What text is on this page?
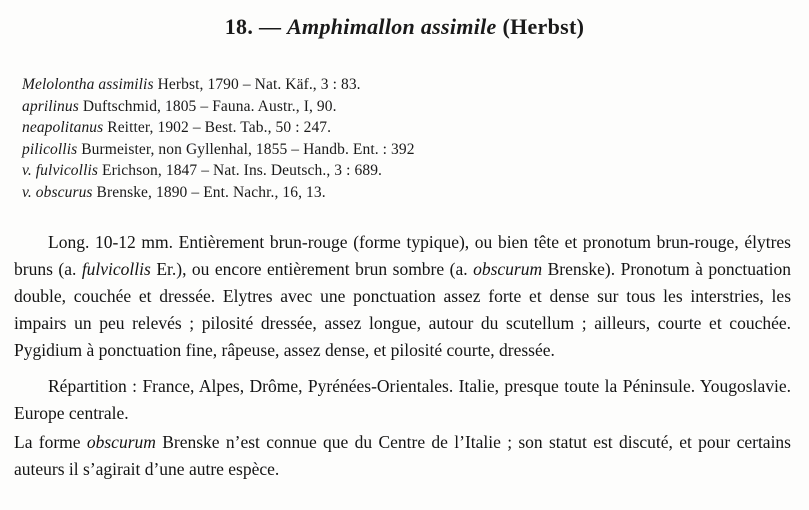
18. — Amphimallon assimile (Herbst)
Melolontha assimilis Herbst, 1790 – Nat. Käf., 3 : 83.
aprilinus Duftschmid, 1805 – Fauna. Austr., I, 90.
neapolitanus Reitter, 1902 – Best. Tab., 50 : 247.
pilicollis Burmeister, non Gyllenhal, 1855 – Handb. Ent. : 392
v. fulvicollis Erichson, 1847 – Nat. Ins. Deutsch., 3 : 689.
v. obscurus Brenske, 1890 – Ent. Nachr., 16, 13.

Long. 10-12 mm. Entièrement brun-rouge (forme typique), ou bien tête et pronotum brun-rouge, élytres bruns (a. fulvicollis Er.), ou encore entièrement brun sombre (a. obscurum Brenske). Pronotum à ponctuation double, couchée et dressée. Elytres avec une ponctuation assez forte et dense sur tous les interstries, les impairs un peu relevés ; pilosité dressée, assez longue, autour du scutellum ; ailleurs, courte et couchée. Pygidium à ponctuation fine, râpeuse, assez dense, et pilosité courte, dressée.

Répartition : France, Alpes, Drôme, Pyrénées-Orientales. Italie, presque toute la Péninsule. Yougoslavie. Europe centrale.

La forme obscurum Brenske n’est connue que du Centre de l’Italie ; son statut est discuté, et pour certains auteurs il s’agirait d’une autre espèce.
